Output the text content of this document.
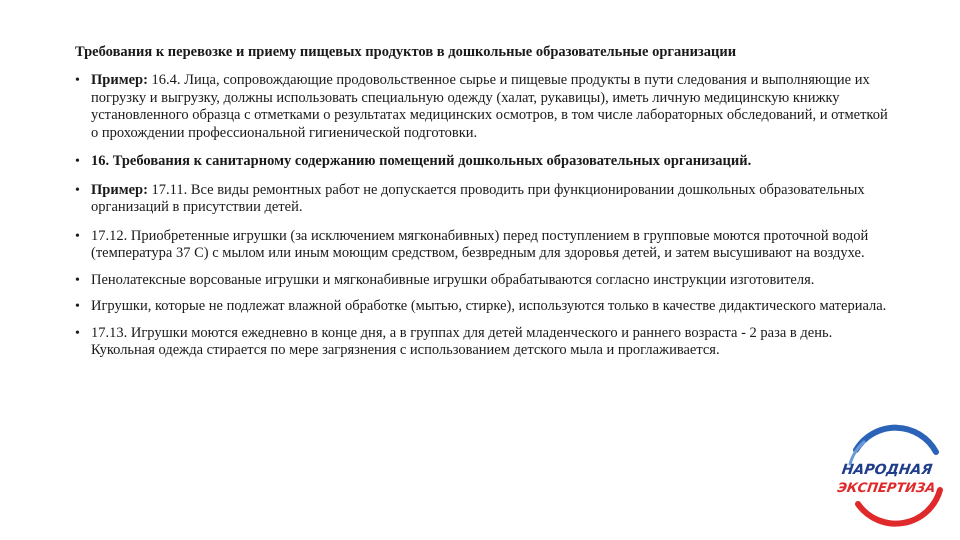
Требования к перевозке и приему пищевых продуктов в дошкольные образовательные организации
• Пример: 16.4. Лица, сопровождающие продовольственное сырье и пищевые продукты в пути следования и выполняющие их погрузку и выгрузку, должны использовать специальную одежду (халат, рукавицы), иметь личную медицинскую книжку установленного образца с отметками о результатах медицинских осмотров, в том числе лабораторных обследований, и отметкой о прохождении профессиональной гигиенической подготовки.
• 16. Требования к санитарному содержанию помещений дошкольных образовательных организаций.
• Пример: 17.11. Все виды ремонтных работ не допускается проводить при функционировании дошкольных образовательных организаций в присутствии детей.
• 17.12. Приобретенные игрушки (за исключением мягконабивных) перед поступлением в групповые моются проточной водой (температура 37 С) с мылом или иным моющим средством, безвредным для здоровья детей, и затем высушивают на воздухе.
• Пенолатексные ворсованые игрушки и мягконабивные игрушки обрабатываются согласно инструкции изготовителя.
• Игрушки, которые не подлежат влажной обработке (мытью, стирке), используются только в качестве дидактического материала.
• 17.13. Игрушки моются ежедневно в конце дня, а в группах для детей младенческого и раннего возраста - 2 раза в день. Кукольная одежда стирается по мере загрязнения с использованием детского мыла и проглаживается.
НАРОДНАЯ
ЭКСПЕРТИЗА
